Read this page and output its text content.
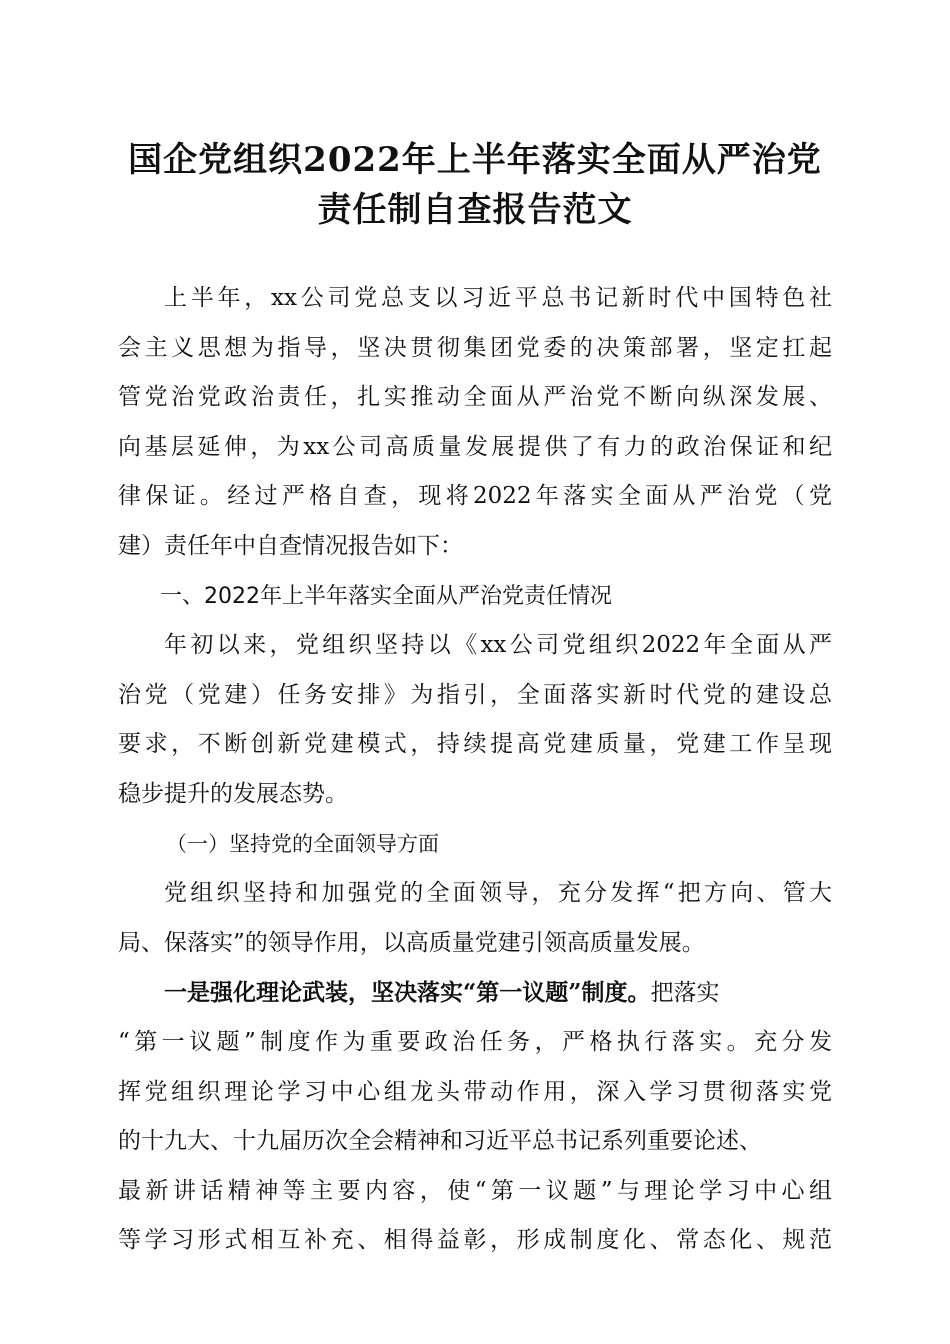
国企党组织2022年上半年落实全面从严治党
责任制自查报告范文
上半年，xx公司党总支以习近平总书记新时代中国特色社
会主义思想为指导，坚决贯彻集团党委的决策部署，坚定扛起
管党治党政治责任，扎实推动全面从严治党不断向纵深发展、
向基层延伸，为xx公司高质量发展提供了有力的政治保证和纪
律保证。经过严格自查，现将2022年落实全面从严治党（党
建）责任年中自查情况报告如下：
一、2022年上半年落实全面从严治党责任情况
年初以来，党组织坚持以《xx公司党组织2022年全面从严
治党（党建）任务安排》为指引，全面落实新时代党的建设总
要求，不断创新党建模式，持续提高党建质量，党建工作呈现
稳步提升的发展态势。
（一）坚持党的全面领导方面
党组织坚持和加强党的全面领导，充分发挥“把方向、管大
局、保落实”的领导作用，以高质量党建引领高质量发展。
一是强化理论武装，坚决落实“第一议题”制度。把落实
“第一议题”制度作为重要政治任务，严格执行落实。充分发
挥党组织理论学习中心组龙头带动作用，深入学习贯彻落实党
的十九大、十九届历次全会精神和习近平总书记系列重要论述、
最新讲话精神等主要内容，使“第一议题”与理论学习中心组
等学习形式相互补充、相得益彰，形成制度化、常态化、规范
